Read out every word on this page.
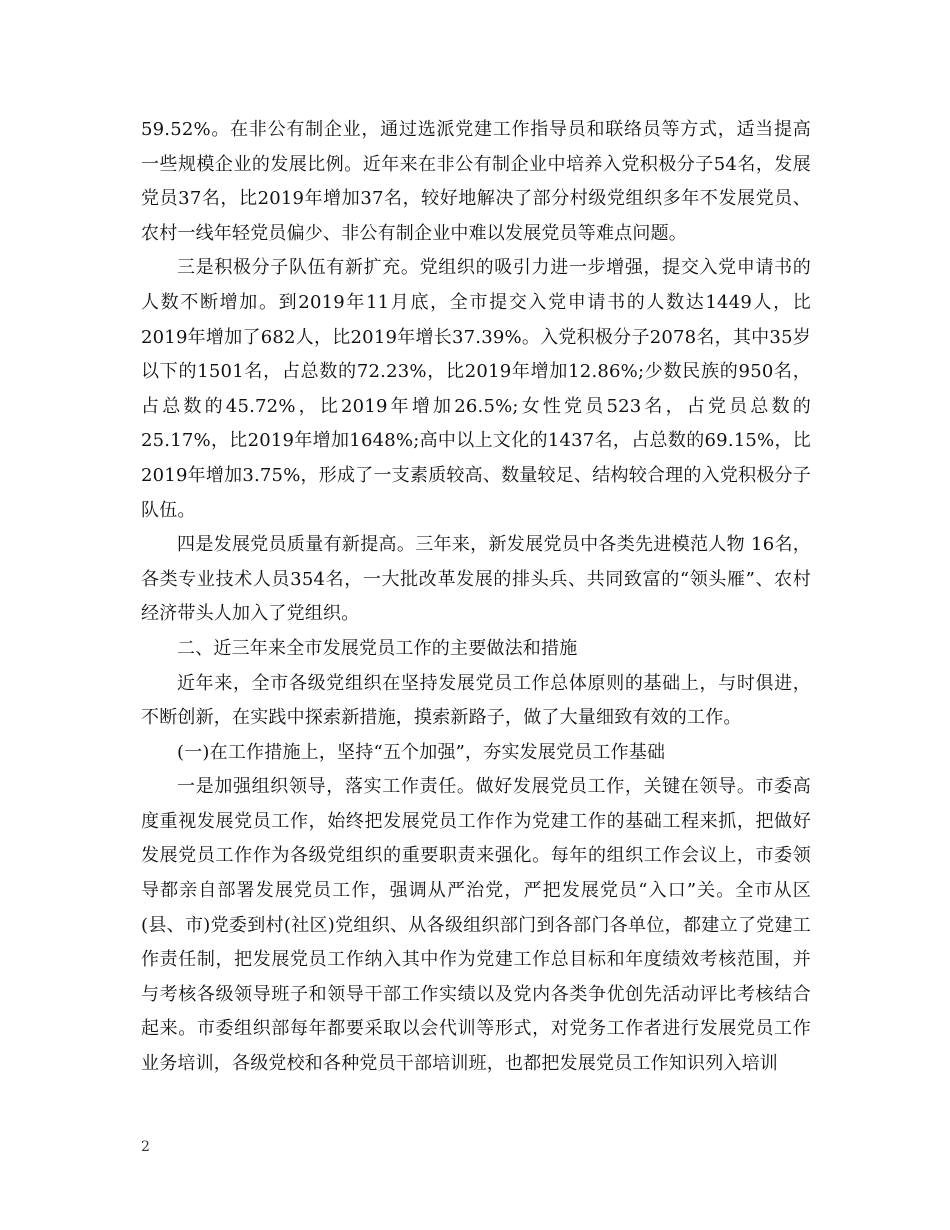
59.52%。在非公有制企业，通过选派党建工作指导员和联络员等方式，适当提高一些规模企业的发展比例。近年来在非公有制企业中培养入党积极分子54名，发展党员37名，比2019年增加37名，较好地解决了部分村级党组织多年不发展党员、农村一线年轻党员偏少、非公有制企业中难以发展党员等难点问题。

三是积极分子队伍有新扩充。党组织的吸引力进一步增强，提交入党申请书的人数不断增加。到2019年11月底，全市提交入党申请书的人数达1449人，比2019年增加了682人，比2019年增长37.39%。入党积极分子2078名，其中35岁以下的1501名，占总数的72.23%，比2019年增加12.86%;少数民族的950名，占总数的45.72%，比2019年增加26.5%;女性党员523名，占党员总数的25.17%，比2019年增加1648%;高中以上文化的1437名，占总数的69.15%，比2019年增加3.75%，形成了一支素质较高、数量较足、结构较合理的入党积极分子队伍。

四是发展党员质量有新提高。三年来，新发展党员中各类先进模范人物 16名，各类专业技术人员354名，一大批改革发展的排头兵、共同致富的“领头雁”、农村经济带头人加入了党组织。

二、近三年来全市发展党员工作的主要做法和措施

近年来，全市各级党组织在坚持发展党员工作总体原则的基础上，与时俱进，不断创新，在实践中探索新措施，摸索新路子，做了大量细致有效的工作。

(一)在工作措施上，坚持“五个加强”，夯实发展党员工作基础

一是加强组织领导，落实工作责任。做好发展党员工作，关键在领导。市委高度重视发展党员工作，始终把发展党员工作作为党建工作的基础工程来抓，把做好发展党员工作作为各级党组织的重要职责来强化。每年的组织工作会议上，市委领导都亲自部署发展党员工作，强调从严治党，严把发展党员“入口”关。全市从区(县、市)党委到村(社区)党组织、从各级组织部门到各部门各单位，都建立了党建工作责任制，把发展党员工作纳入其中作为党建工作总目标和年度绩效考核范围，并与考核各级领导班子和领导干部工作实绩以及党内各类争优创先活动评比考核结合起来。市委组织部每年都要采取以会代训等形式，对党务工作者进行发展党员工作业务培训，各级党校和各种党员干部培训班，也都把发展党员工作知识列入培训

2
